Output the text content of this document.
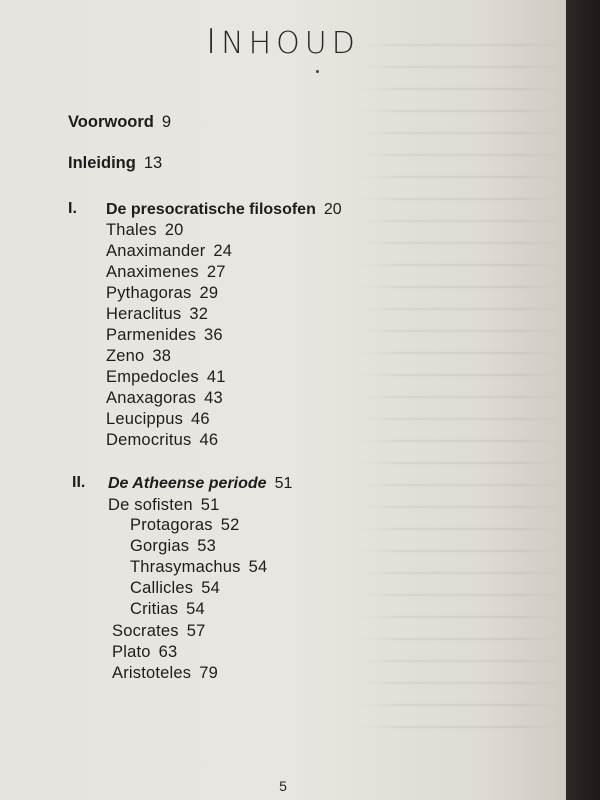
INHOUD
Voorwoord 9
Inleiding 13
I. De presocratische filosofen 20
Thales 20
Anaximander 24
Anaximenes 27
Pythagoras 29
Heraclitus 32
Parmenides 36
Zeno 38
Empedocles 41
Anaxagoras 43
Leucippus 46
Democritus 46
II. De Atheense periode 51
De sofisten 51
Protagoras 52
Gorgias 53
Thrasymachus 54
Callicles 54
Critias 54
Socrates 57
Plato 63
Aristoteles 79
5
